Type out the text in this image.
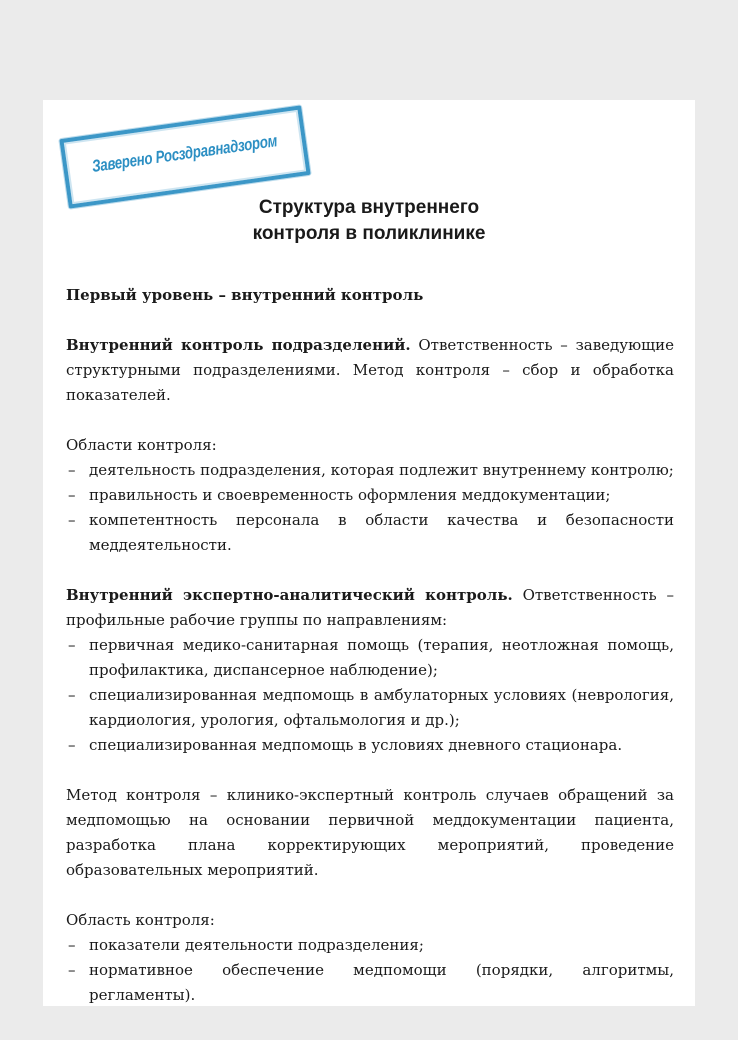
Заверено Росздравнадзором
Структура внутреннего
контроля в поликлинике

Первый уровень – внутренний контроль

Внутренний контроль подразделений. Ответственность – заведующие структурными подразделениями. Метод контроля – сбор и обработка показателей.

Области контроля:

– деятельность подразделения, которая подлежит внутреннему контролю;
– правильность и своевременность оформления меддокументации;
– компетентность персонала в области качества и безопасности меддеятельности.

Внутренний экспертно-аналитический контроль. Ответственность – профильные рабочие группы по направлениям:

– первичная медико-санитарная помощь (терапия, неотложная помощь, профилактика, диспансерное наблюдение);
– специализированная медпомощь в амбулаторных условиях (неврология, кардиология, урология, офтальмология и др.);
– специализированная медпомощь в условиях дневного стационара.

Метод контроля – клинико-экспертный контроль случаев обращений за медпомощью на основании первичной меддокументации пациента, разработка плана корректирующих мероприятий, проведение образовательных мероприятий.

Область контроля:

– показатели деятельности подразделения;
– нормативное обеспечение медпомощи (порядки, алгоритмы, регламенты).
